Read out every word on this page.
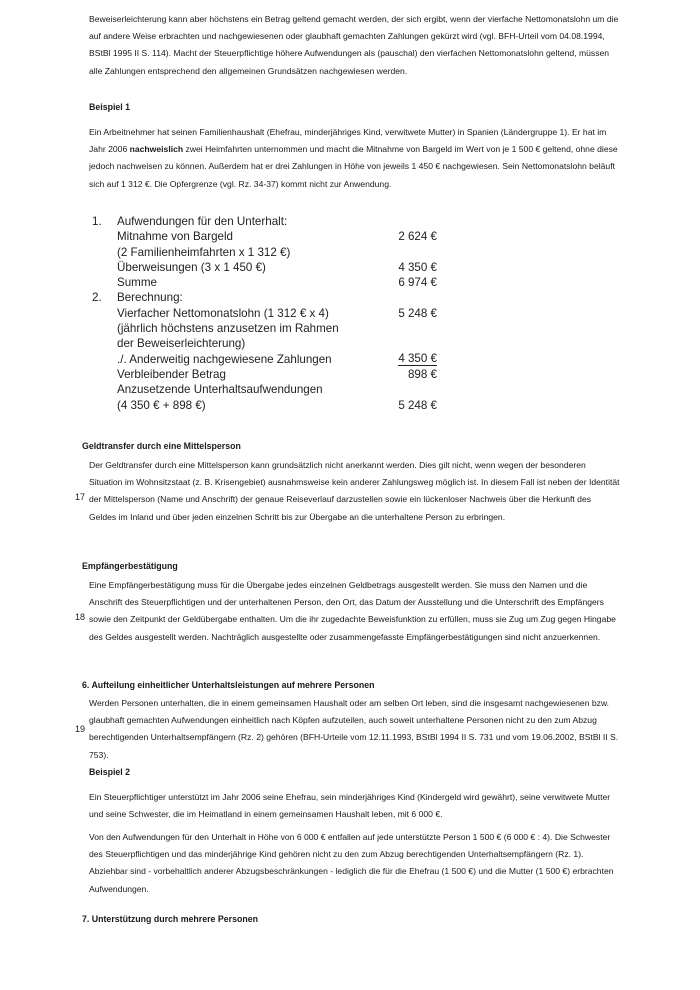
Beweiserleichterung kann aber höchstens ein Betrag geltend gemacht werden, der sich ergibt, wenn der vierfache Nettomonatslohn um die auf andere Weise erbrachten und nachgewiesenen oder glaubhaft gemachten Zahlungen gekürzt wird (vgl. BFH-Urteil vom 04.08.1994, BStBl 1995 II S. 114). Macht der Steuerpflichtige höhere Aufwendungen als (pauschal) den vierfachen Nettomonatslohn geltend, müssen alle Zahlungen entsprechend den allgemeinen Grundsätzen nachgewiesen werden.

Beispiel 1

Ein Arbeitnehmer hat seinen Familienhaushalt (Ehefrau, minderjähriges Kind, verwitwete Mutter) in Spanien (Ländergruppe 1). Er hat im Jahr 2006 nachweislich zwei Heimfahrten unternommen und macht die Mitnahme von Bargeld im Wert von je 1 500 € geltend, ohne diese jedoch nachweisen zu können. Außerdem hat er drei Zahlungen in Höhe von jeweils 1 450 € nachgewiesen. Sein Nettomonatslohn beläuft sich auf 1 312 €. Die Opfergrenze (vgl. Rz. 34-37) kommt nicht zur Anwendung.

1. Aufwendungen für den Unterhalt:
Mitnahme von Bargeld	2 624 €
(2 Familienheimfahrten x 1 312 €)
Überweisungen (3 x 1 450 €)	4 350 €
Summe	6 974 €
2. Berechnung:
Vierfacher Nettomonatslohn (1 312 € x 4)	5 248 €
(jährlich höchstens anzusetzen im Rahmen
der Beweiserleichterung)
./. Anderweitig nachgewiesene Zahlungen	4 350 €
Verbleibender Betrag	898 €
Anzusetzende Unterhaltsaufwendungen
(4 350 € + 898 €)	5 248 €

Geldtransfer durch eine Mittelsperson

17

Der Geldtransfer durch eine Mittelsperson kann grundsätzlich nicht anerkannt werden. Dies gilt nicht, wenn wegen der besonderen Situation im Wohnsitzstaat (z. B. Krisengebiet) ausnahmsweise kein anderer Zahlungsweg möglich ist. In diesem Fall ist neben der Identität der Mittelsperson (Name und Anschrift) der genaue Reiseverlauf darzustellen sowie ein lückenloser Nachweis über die Herkunft des Geldes im Inland und über jeden einzelnen Schritt bis zur Übergabe an die unterhaltene Person zu erbringen.

Empfängerbestätigung

18

Eine Empfängerbestätigung muss für die Übergabe jedes einzelnen Geldbetrags ausgestellt werden. Sie muss den Namen und die Anschrift des Steuerpflichtigen und der unterhaltenen Person, den Ort, das Datum der Ausstellung und die Unterschrift des Empfängers sowie den Zeitpunkt der Geldübergabe enthalten. Um die ihr zugedachte Beweisfunktion zu erfüllen, muss sie Zug um Zug gegen Hingabe des Geldes ausgestellt werden. Nachträglich ausgestellte oder zusammengefasste Empfängerbestätigungen sind nicht anzuerkennen.

6. Aufteilung einheitlicher Unterhaltsleistungen auf mehrere Personen

19

Werden Personen unterhalten, die in einem gemeinsamen Haushalt oder am selben Ort leben, sind die insgesamt nachgewiesenen bzw. glaubhaft gemachten Aufwendungen einheitlich nach Köpfen aufzuteilen, auch soweit unterhaltene Personen nicht zu den zum Abzug berechtigenden Unterhaltsempfängern (Rz. 2) gehören (BFH-Urteile vom 12.11.1993, BStBl 1994 II S. 731 und vom 19.06.2002, BStBl II S. 753).

Beispiel 2

Ein Steuerpflichtiger unterstützt im Jahr 2006 seine Ehefrau, sein minderjähriges Kind (Kindergeld wird gewährt), seine verwitwete Mutter und seine Schwester, die im Heimatland in einem gemeinsamen Haushalt leben, mit 6 000 €.

Von den Aufwendungen für den Unterhalt in Höhe von 6 000 € entfallen auf jede unterstützte Person 1 500 € (6 000 € : 4). Die Schwester des Steuerpflichtigen und das minderjährige Kind gehören nicht zu den zum Abzug berechtigenden Unterhaltsempfängern (Rz. 1). Abziehbar sind - vorbehaltlich anderer Abzugsbeschränkungen - lediglich die für die Ehefrau (1 500 €) und die Mutter (1 500 €) erbrachten Aufwendungen.

7. Unterstützung durch mehrere Personen
